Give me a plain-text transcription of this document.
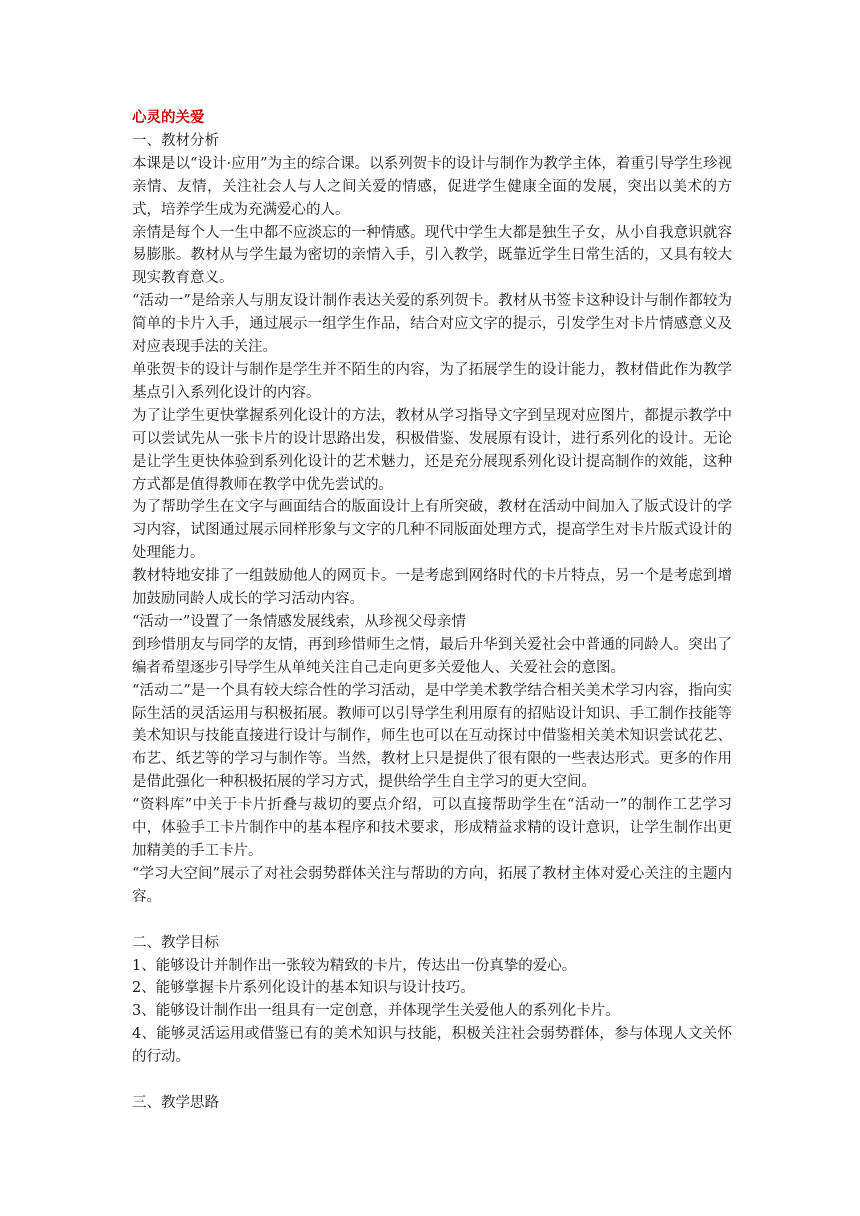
心灵的关爱

一、教材分析

本课是以“设计·应用”为主的综合课。以系列贺卡的设计与制作为教学主体，着重引导学生珍视亲情、友情，关注社会人与人之间关爱的情感，促进学生健康全面的发展，突出以美术的方式，培养学生成为充满爱心的人。

亲情是每个人一生中都不应淡忘的一种情感。现代中学生大都是独生子女，从小自我意识就容易膨胀。教材从与学生最为密切的亲情入手，引入教学，既靠近学生日常生活的，又具有较大现实教育意义。

“活动一”是给亲人与朋友设计制作表达关爱的系列贺卡。教材从书签卡这种设计与制作都较为简单的卡片入手，通过展示一组学生作品，结合对应文字的提示，引发学生对卡片情感意义及对应表现手法的关注。

单张贺卡的设计与制作是学生并不陌生的内容，为了拓展学生的设计能力，教材借此作为教学基点引入系列化设计的内容。

为了让学生更快掌握系列化设计的方法，教材从学习指导文字到呈现对应图片，都提示教学中可以尝试先从一张卡片的设计思路出发，积极借鉴、发展原有设计，进行系列化的设计。无论是让学生更快体验到系列化设计的艺术魅力，还是充分展现系列化设计提高制作的效能，这种方式都是值得教师在教学中优先尝试的。

为了帮助学生在文字与画面结合的版面设计上有所突破，教材在活动中间加入了版式设计的学习内容，试图通过展示同样形象与文字的几种不同版面处理方式，提高学生对卡片版式设计的处理能力。

教材特地安排了一组鼓励他人的网页卡。一是考虑到网络时代的卡片特点，另一个是考虑到增加鼓励同龄人成长的学习活动内容。

“活动一”设置了一条情感发展线索，从珍视父母亲情

到珍惜朋友与同学的友情，再到珍惜师生之情，最后升华到关爱社会中普通的同龄人。突出了编者希望逐步引导学生从单纯关注自己走向更多关爱他人、关爱社会的意图。

“活动二”是一个具有较大综合性的学习活动，是中学美术教学结合相关美术学习内容，指向实际生活的灵活运用与积极拓展。教师可以引导学生利用原有的招贴设计知识、手工制作技能等美术知识与技能直接进行设计与制作，师生也可以在互动探讨中借鉴相关美术知识尝试花艺、布艺、纸艺等的学习与制作等。当然，教材上只是提供了很有限的一些表达形式。更多的作用是借此强化一种积极拓展的学习方式，提供给学生自主学习的更大空间。

“资料库”中关于卡片折叠与裁切的要点介绍，可以直接帮助学生在“活动一”的制作工艺学习中，体验手工卡片制作中的基本程序和技术要求，形成精益求精的设计意识，让学生制作出更加精美的手工卡片。

“学习大空间”展示了对社会弱势群体关注与帮助的方向，拓展了教材主体对爱心关注的主题内容。

二、教学目标

1、能够设计并制作出一张较为精致的卡片，传达出一份真挚的爱心。

2、能够掌握卡片系列化设计的基本知识与设计技巧。

3、能够设计制作出一组具有一定创意，并体现学生关爱他人的系列化卡片。

4、能够灵活运用或借鉴已有的美术知识与技能，积极关注社会弱势群体，参与体现人文关怀的行动。

三、教学思路
